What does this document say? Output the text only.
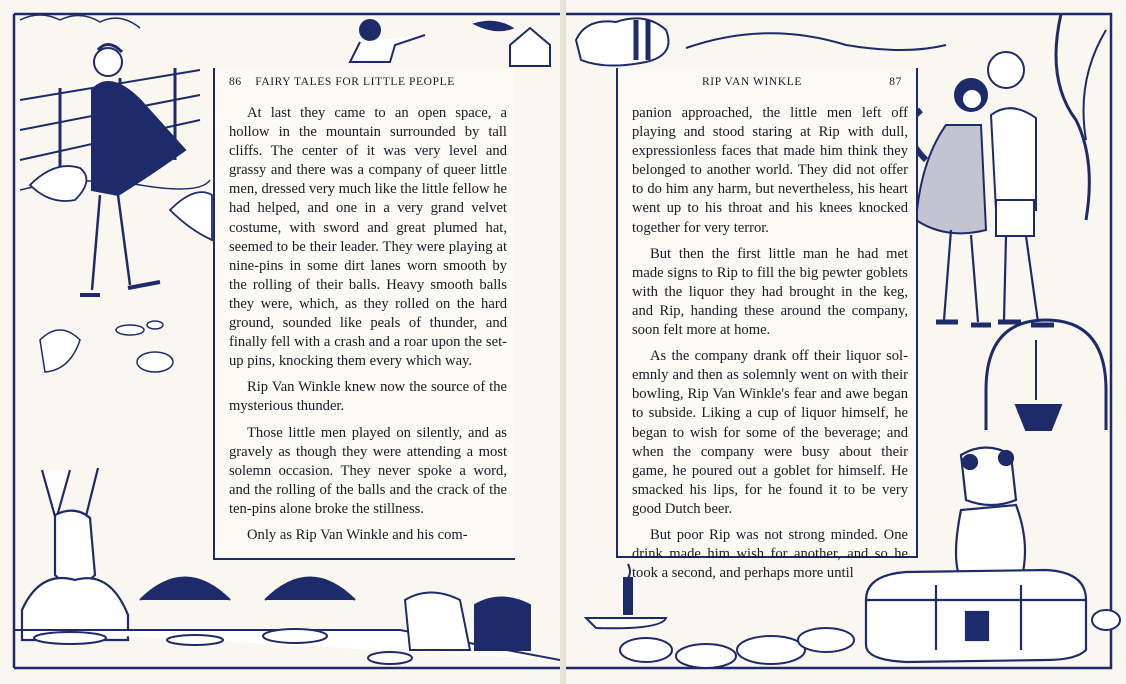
86 FAIRY TALES FOR LITTLE PEOPLE

At last they came to an open space, a hollow in the mountain surrounded by tall cliffs. The center of it was very level and grassy and there was a company of queer little men, dressed very much like the little fellow he had helped, and one in a very grand velvet costume, with sword and great plumed hat, seemed to be their leader. They were playing at nine-pins in some dirt lanes worn smooth by the rolling of their balls. Heavy smooth balls they were, which, as they rolled on the hard ground, sounded like peals of thunder, and finally fell with a crash and a roar upon the set-up pins, knocking them every which way.

Rip Van Winkle knew now the source of the mysterious thunder.

Those little men played on silently, and as gravely as though they were attending a most solemn occasion. They never spoke a word, and the rolling of the balls and the crack of the ten-pins alone broke the stillness.

Only as Rip Van Winkle and his com-

RIP VAN WINKLE	87

panion approached, the little men left off playing and stood staring at Rip with dull, expressionless faces that made him think they belonged to another world. They did not offer to do him any harm, but nevertheless, his heart went up to his throat and his knees knocked together for very terror.

But then the first little man he had met made signs to Rip to fill the big pewter goblets with the liquor they had brought in the keg, and Rip, handing these around the company, soon felt more at home.

As the company drank off their liquor solemnly and then as solemnly went on with their bowling, Rip Van Winkle's fear and awe began to subside. Liking a cup of liquor himself, he began to wish for some of the beverage; and when the company were busy about their game, he poured out a goblet for himself. He smacked his lips, for he found it to be very good Dutch beer.

But poor Rip was not strong minded. One drink made him wish for another, and so he took a second, and perhaps more until
